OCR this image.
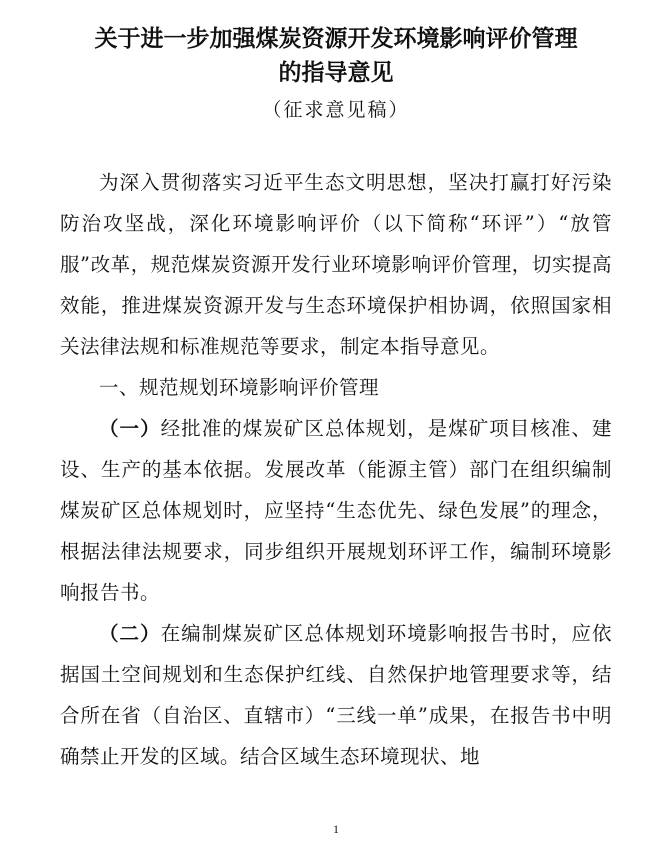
关于进一步加强煤炭资源开发环境影响评价管理
的指导意见
（征求意见稿）

为深入贯彻落实习近平生态文明思想，坚决打赢打好污染防治攻坚战，深化环境影响评价（以下简称“环评”）“放管服”改革，规范煤炭资源开发行业环境影响评价管理，切实提高效能，推进煤炭资源开发与生态环境保护相协调，依照国家相关法律法规和标准规范等要求，制定本指导意见。

一、规范规划环境影响评价管理

（一）经批准的煤炭矿区总体规划，是煤矿项目核准、建设、生产的基本依据。发展改革（能源主管）部门在组织编制煤炭矿区总体规划时，应坚持“生态优先、绿色发展”的理念，根据法律法规要求，同步组织开展规划环评工作，编制环境影响报告书。

（二）在编制煤炭矿区总体规划环境影响报告书时，应依据国土空间规划和生态保护红线、自然保护地管理要求等，结合所在省（自治区、直辖市）“三线一单”成果，在报告书中明确禁止开发的区域。结合区域生态环境现状、地

1
